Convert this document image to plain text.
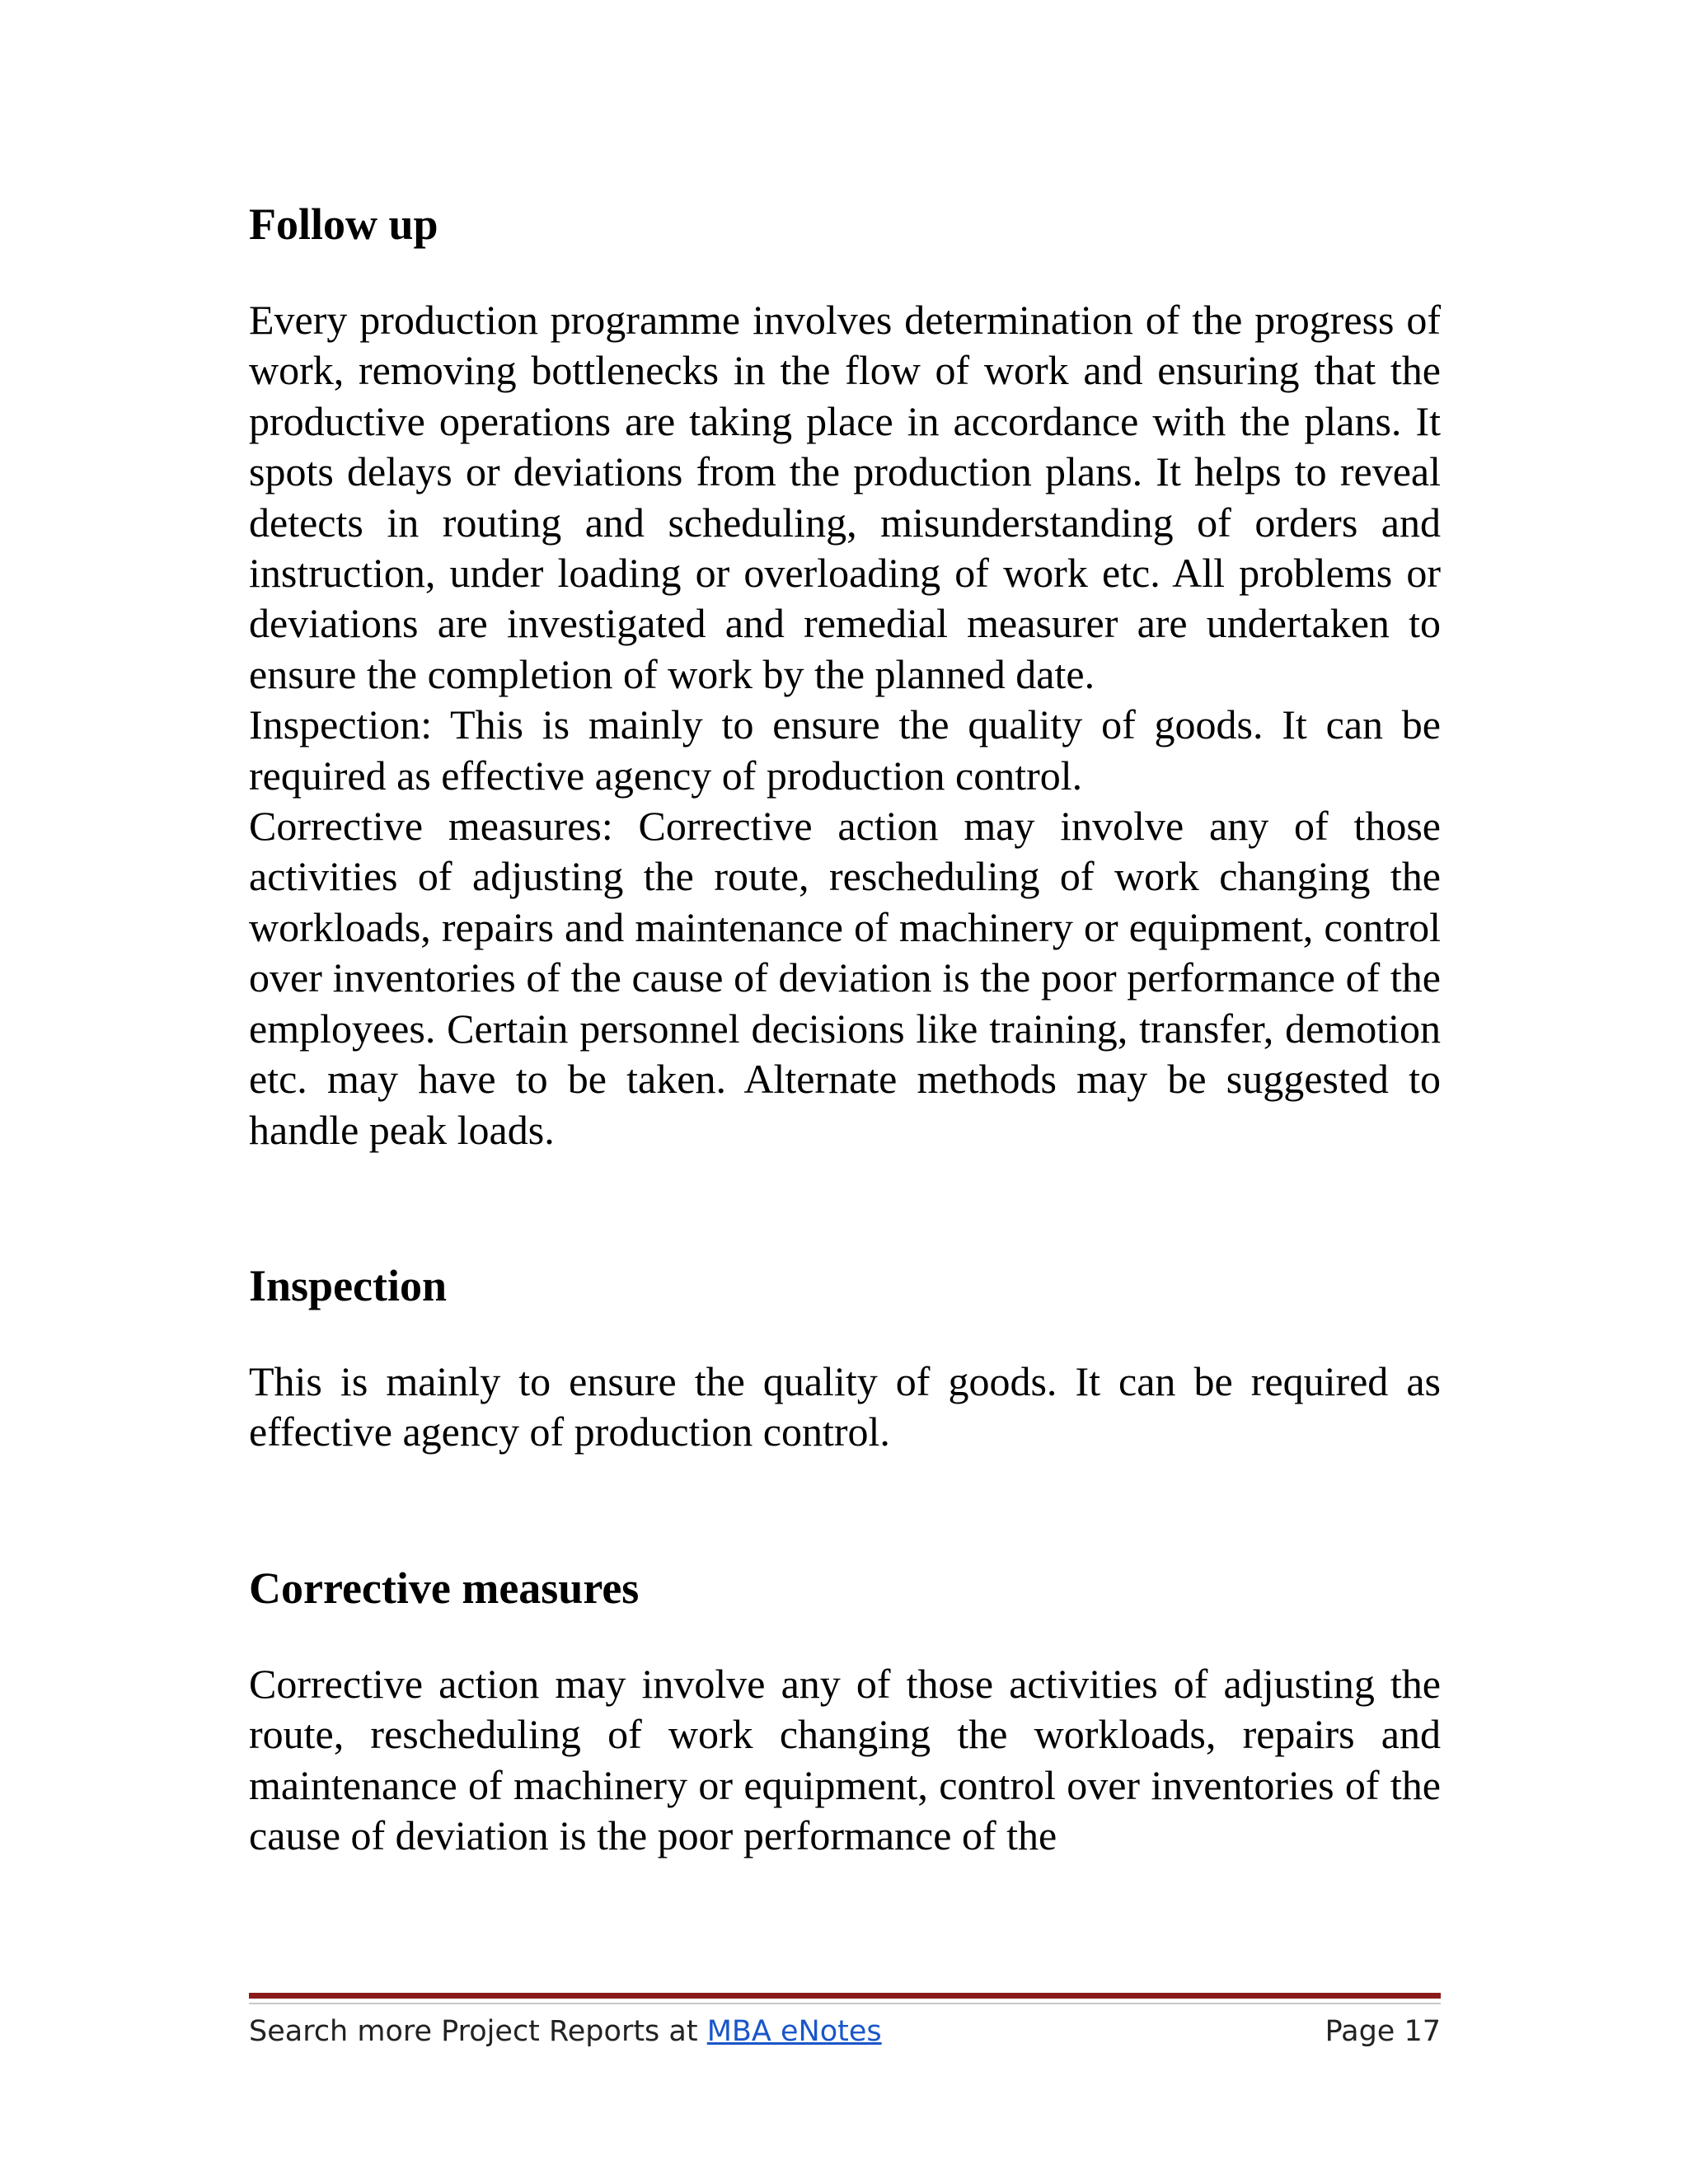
Follow up

Every production programme involves determination of the progress of work, removing bottlenecks in the flow of work and ensuring that the productive operations are taking place in accordance with the plans. It spots delays or deviations from the production plans. It helps to reveal detects in routing and scheduling, misunderstanding of orders and instruction, under loading or overloading of work etc. All problems or deviations are investigated and remedial measurer are undertaken to ensure the completion of work by the planned date.

Inspection: This is mainly to ensure the quality of goods. It can be required as effective agency of production control.

Corrective measures: Corrective action may involve any of those activities of adjusting the route, rescheduling of work changing the workloads, repairs and maintenance of machinery or equipment, control over inventories of the cause of deviation is the poor performance of the employees. Certain personnel decisions like training, transfer, demotion etc. may have to be taken. Alternate methods may be suggested to handle peak loads.

Inspection

This is mainly to ensure the quality of goods. It can be required as effective agency of production control.

Corrective measures

Corrective action may involve any of those activities of adjusting the route, rescheduling of work changing the workloads, repairs and maintenance of machinery or equipment, control over inventories of the cause of deviation is the poor performance of the

Search more Project Reports at MBA eNotes	Page 17
